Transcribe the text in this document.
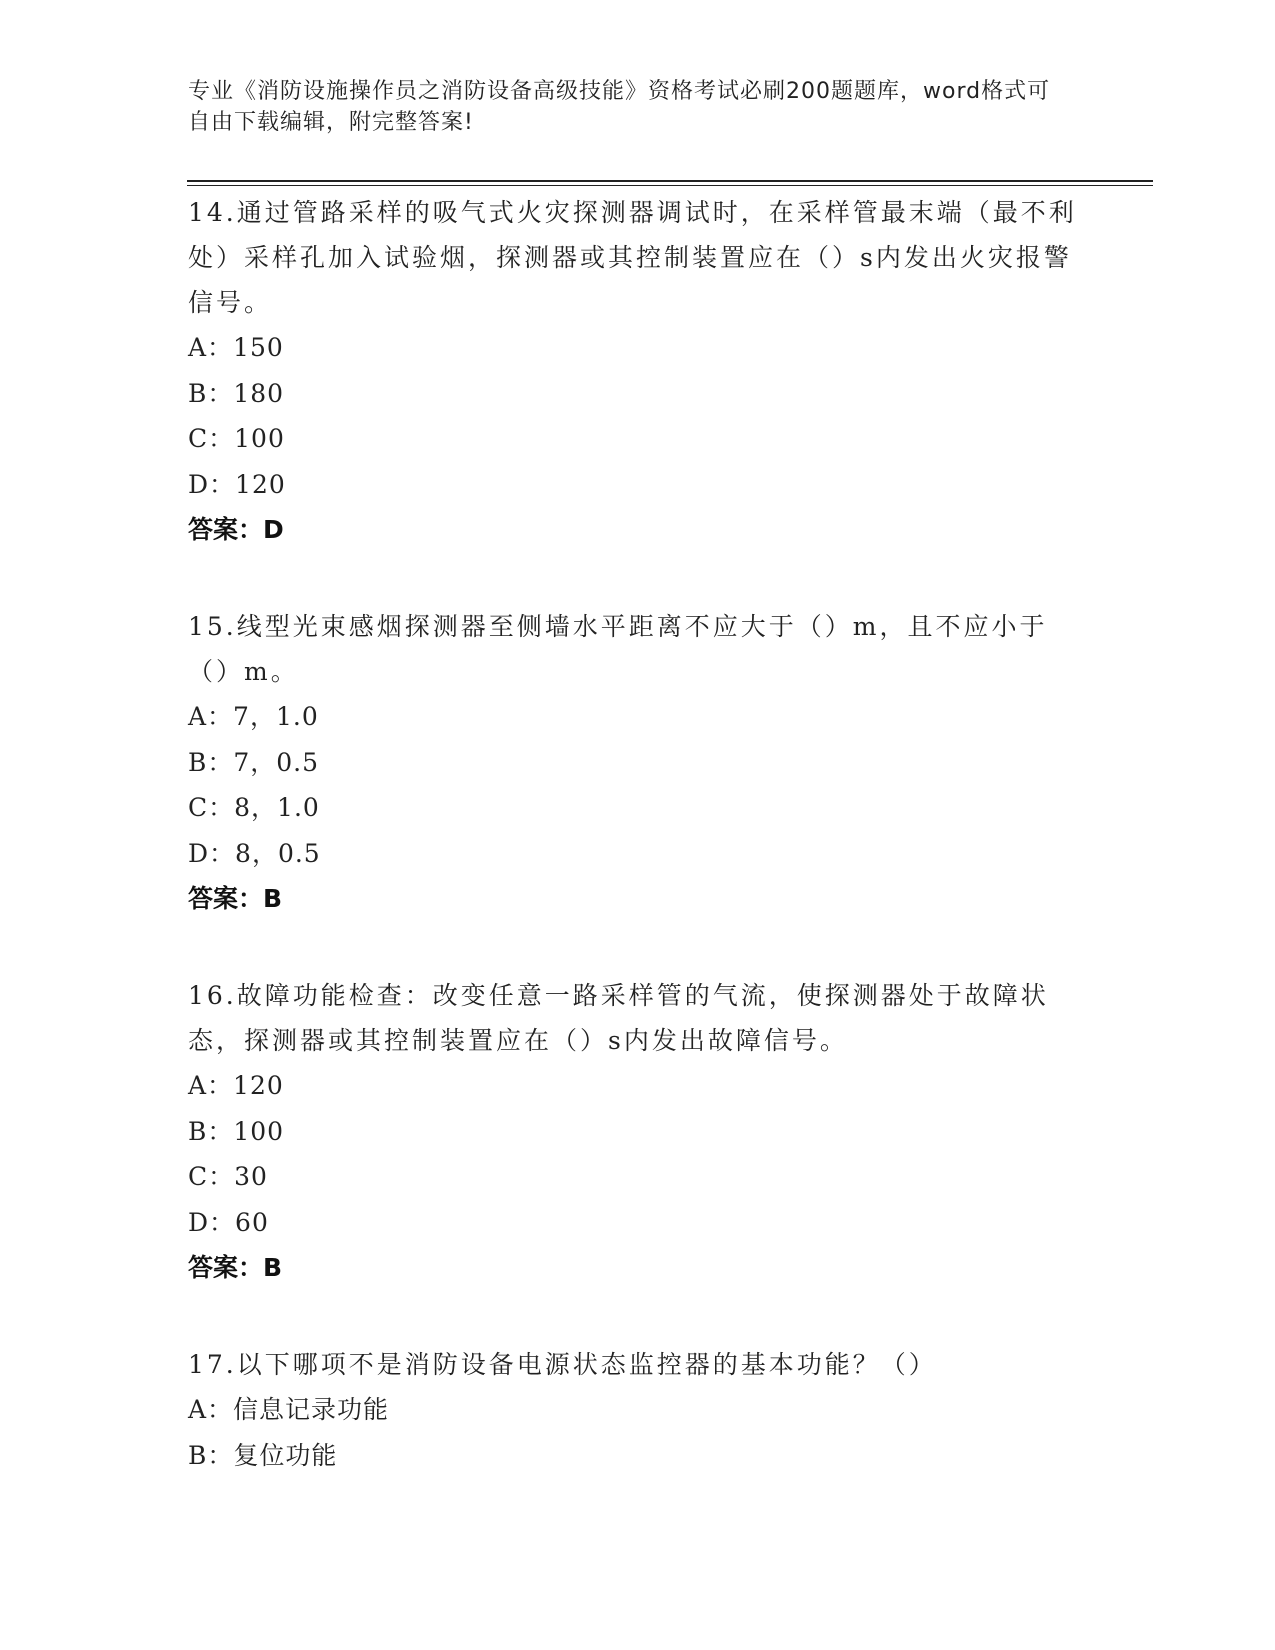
专业《消防设施操作员之消防设备高级技能》资格考试必刷200题题库，word格式可自由下载编辑，附完整答案!
14.通过管路采样的吸气式火灾探测器调试时，在采样管最末端（最不利处）采样孔加入试验烟，探测器或其控制装置应在（）s内发出火灾报警信号。
A：150
B：180
C：100
D：120
答案：D
15.线型光束感烟探测器至侧墙水平距离不应大于（）m，且不应小于（）m。
A：7，1.0
B：7，0.5
C：8，1.0
D：8，0.5
答案：B
16.故障功能检查：改变任意一路采样管的气流，使探测器处于故障状态，探测器或其控制装置应在（）s内发出故障信号。
A：120
B：100
C：30
D：60
答案：B
17.以下哪项不是消防设备电源状态监控器的基本功能？（）
A：信息记录功能
B：复位功能
